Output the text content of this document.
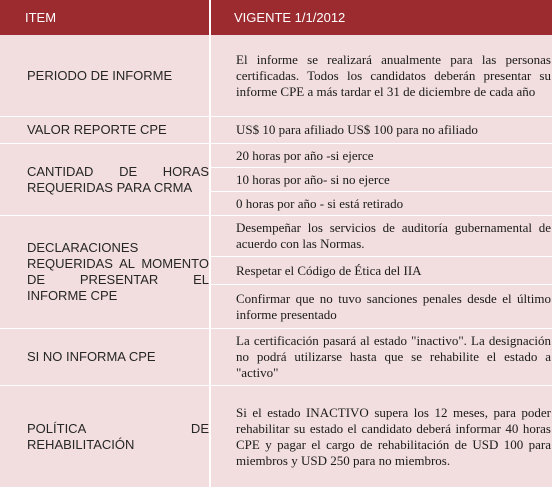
ITEM	VIGENTE 1/1/2012
PERIODO DE INFORME
El informe se realizará anualmente para las personas certificadas. Todos los candidatos deberán presentar su informe CPE a más tardar el 31 de diciembre de cada año
VALOR REPORTE CPE	US$ 10 para afiliado US$ 100 para no afiliado
CANTIDAD DE HORAS REQUERIDAS PARA CRMA
20 horas por año -si ejerce
10 horas por año- si no ejerce
0 horas por año - si está retirado
DECLARACIONES REQUERIDAS AL MOMENTO DE PRESENTAR EL INFORME CPE
Desempeñar los servicios de auditoría gubernamental de acuerdo con las Normas.
Respetar el Código de Ética del IIA
Confirmar que no tuvo sanciones penales desde el último informe presentado
SI NO INFORMA CPE
La certificación pasará al estado "inactivo". La designación no podrá utilizarse hasta que se rehabilite el estado a "activo"
POLÍTICA DE REHABILITACIÓN
Si el estado INACTIVO supera los 12 meses, para poder rehabilitar su estado el candidato deberá informar 40 horas CPE y pagar el cargo de rehabilitación de USD 100 para miembros y USD 250 para no miembros.
